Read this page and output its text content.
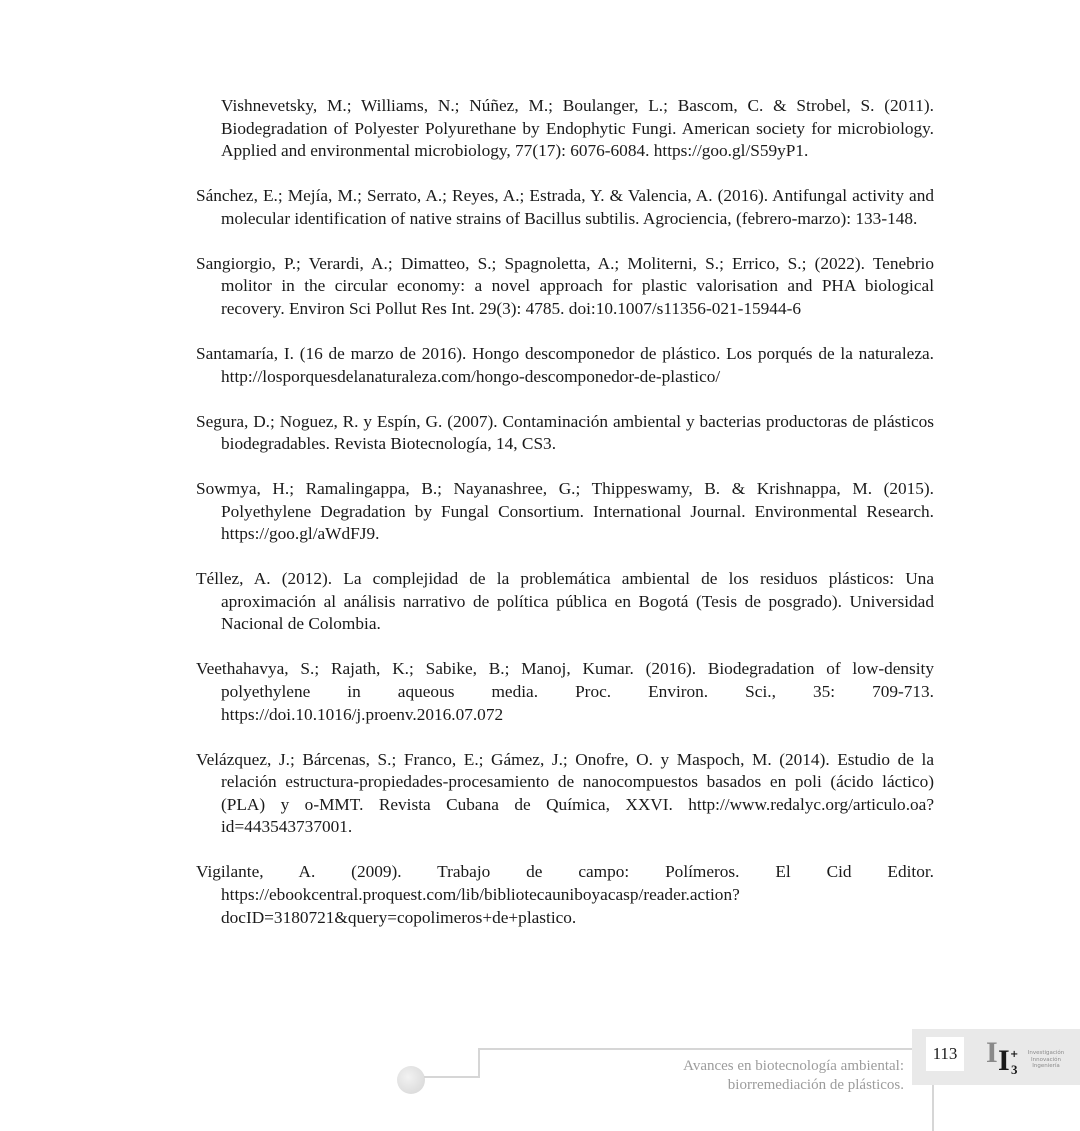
Vishnevetsky, M.; Williams, N.; Núñez, M.; Boulanger, L.; Bascom, C. & Strobel, S. (2011). Biodegradation of Polyester Polyurethane by Endophytic Fungi. American society for microbiology. Applied and environmental microbiology, 77(17): 6076-6084. https://goo.gl/S59yP1.

Sánchez, E.; Mejía, M.; Serrato, A.; Reyes, A.; Estrada, Y. & Valencia, A. (2016). Antifungal activity and molecular identification of native strains of Bacillus subtilis. Agrociencia, (febrero-marzo): 133-148.

Sangiorgio, P.; Verardi, A.; Dimatteo, S.; Spagnoletta, A.; Moliterni, S.; Errico, S.; (2022). Tenebrio molitor in the circular economy: a novel approach for plastic valorisation and PHA biological recovery. Environ Sci Pollut Res Int. 29(3): 4785. doi:10.1007/s11356-021-15944-6

Santamaría, I. (16 de marzo de 2016). Hongo descomponedor de plástico. Los porqués de la naturaleza. http://losporquesdelanaturaleza.com/hongo-descomponedor-de-plastico/

Segura, D.; Noguez, R. y Espín, G. (2007). Contaminación ambiental y bacterias productoras de plásticos biodegradables. Revista Biotecnología, 14, CS3.

Sowmya, H.; Ramalingappa, B.; Nayanashree, G.; Thippeswamy, B. & Krishnappa, M. (2015). Polyethylene Degradation by Fungal Consortium. International Journal. Environmental Research. https://goo.gl/aWdFJ9.

Téllez, A. (2012). La complejidad de la problemática ambiental de los residuos plásticos: Una aproximación al análisis narrativo de política pública en Bogotá (Tesis de posgrado). Universidad Nacional de Colombia.

Veethahavya, S.; Rajath, K.; Sabike, B.; Manoj, Kumar. (2016). Biodegradation of low-density polyethylene in aqueous media. Proc. Environ. Sci., 35: 709-713. https://doi.10.1016/j.proenv.2016.07.072

Velázquez, J.; Bárcenas, S.; Franco, E.; Gámez, J.; Onofre, O. y Maspoch, M. (2014). Estudio de la relación estructura-propiedades-procesamiento de nanocompuestos basados en poli (ácido láctico) (PLA) y o-MMT. Revista Cubana de Química, XXVI. http://www.redalyc.org/articulo.oa?id=443543737001.

Vigilante, A. (2009). Trabajo de campo: Polímeros. El Cid Editor. https://ebookcentral.proquest.com/lib/bibliotecauniboyacasp/reader.action?docID=3180721&query=copolimeros+de+plastico.

Avances en biotecnología ambiental:
biorremediación de plásticos.
113 I I 3
+	Investigación
Innovación
Ingeniería
